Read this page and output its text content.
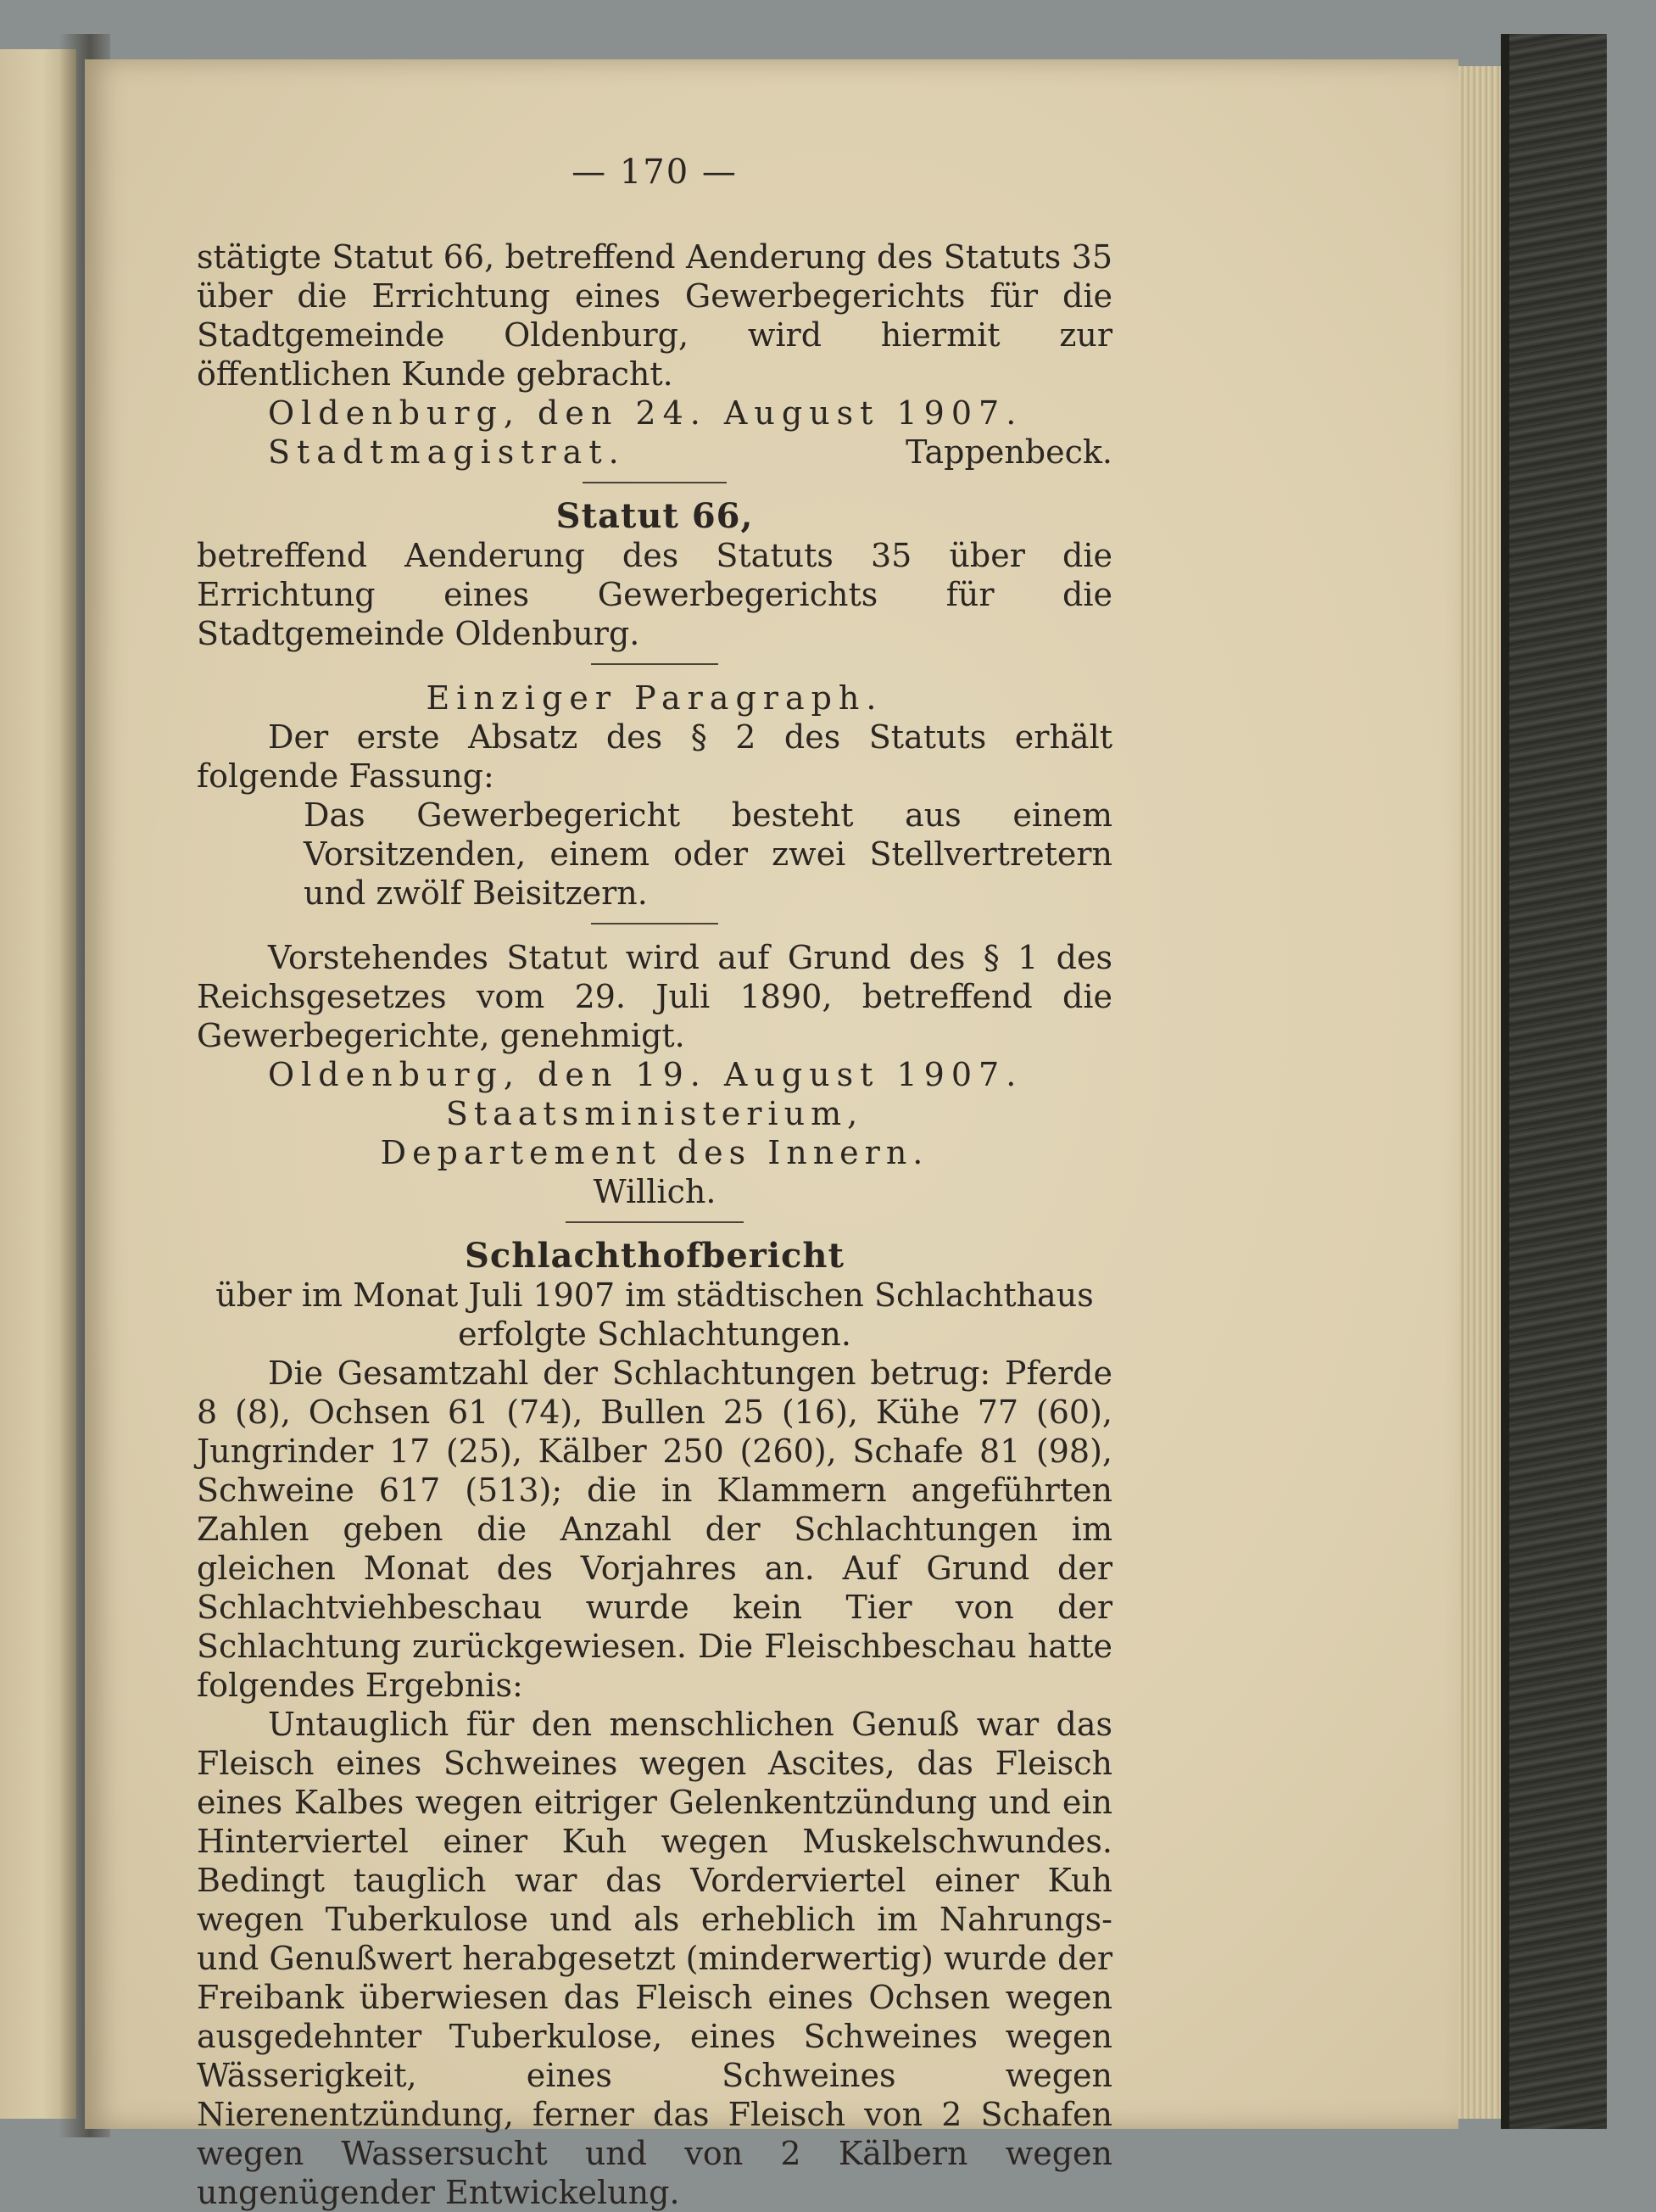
— 170 —

stätigte Statut 66, betreffend Aenderung des Statuts 35 über die Errichtung eines Gewerbegerichts für die Stadtgemeinde Oldenburg, wird hiermit zur öffentlichen Kunde gebracht.

Oldenburg, den 24. August 1907.

Stadtmagistrat.	Tappenbeck.

Statut 66,

betreffend Aenderung des Statuts 35 über die Errichtung eines Gewerbegerichts für die Stadtgemeinde Oldenburg.

Einziger Paragraph.

Der erste Absatz des § 2 des Statuts erhält folgende Fassung:

Das Gewerbegericht besteht aus einem Vorsitzenden, einem oder zwei Stellvertretern und zwölf Beisitzern.

Vorstehendes Statut wird auf Grund des § 1 des Reichsgesetzes vom 29. Juli 1890, betreffend die Gewerbegerichte, genehmigt.

Oldenburg, den 19. August 1907.

Staatsministerium,

Departement des Innern.

Willich.

Schlachthofbericht

über im Monat Juli 1907 im städtischen Schlachthaus erfolgte Schlachtungen.

Die Gesamtzahl der Schlachtungen betrug: Pferde 8 (8), Ochsen 61 (74), Bullen 25 (16), Kühe 77 (60), Jungrinder 17 (25), Kälber 250 (260), Schafe 81 (98), Schweine 617 (513); die in Klammern angeführten Zahlen geben die Anzahl der Schlachtungen im gleichen Monat des Vorjahres an. Auf Grund der Schlachtviehbeschau wurde kein Tier von der Schlachtung zurückgewiesen. Die Fleischbeschau hatte folgendes Ergebnis:

Untauglich für den menschlichen Genuß war das Fleisch eines Schweines wegen Ascites, das Fleisch eines Kalbes wegen eitriger Gelenkentzündung und ein Hinterviertel einer Kuh wegen Muskelschwundes. Bedingt tauglich war das Vorderviertel einer Kuh wegen Tuberkulose und als erheblich im Nahrungs- und Genußwert herabgesetzt (minderwertig) wurde der Freibank überwiesen das Fleisch eines Ochsen wegen ausgedehnter Tuberkulose, eines Schweines wegen Wässerigkeit, eines Schweines wegen Nierenentzündung, ferner das Fleisch von 2 Schafen wegen Wassersucht und von 2 Kälbern wegen ungenügender Entwickelung.
